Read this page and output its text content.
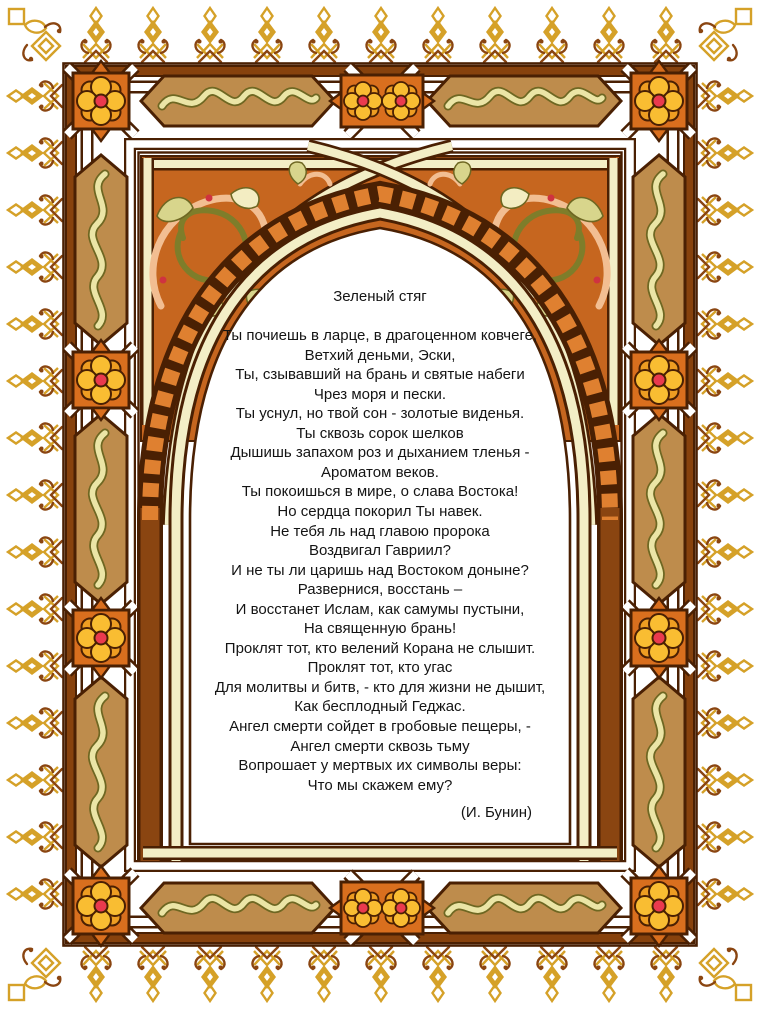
Зеленый стяг
Ты почиешь в ларце, в драгоценном ковчеге,
Ветхий деньми, Эски,
Ты, сзывавший на брань и святые набеги
Чрез моря и пески.
Ты уснул, но твой сон - золотые виденья.
Ты сквозь сорок шелков
Дышишь запахом роз и дыханием тленья -
Ароматом веков.
Ты покоишься в мире, о слава Востока!
Но сердца покорил Ты навек.
Не тебя ль над главою пророка
Воздвигал Гавриил?
И не ты ли царишь над Востоком доныне?
Развернися, восстань –
И восстанет Ислам, как самумы пустыни,
На священную брань!
Проклят тот, кто велений Корана не слышит.
Проклят тот, кто угас
Для молитвы и битв, - кто для жизни не дышит,
Как бесплодный Геджас.
Ангел смерти сойдет в гробовые пещеры, -
Ангел смерти сквозь тьму
Вопрошает у мертвых их символы веры:
Что мы скажем ему?
(И. Бунин)
